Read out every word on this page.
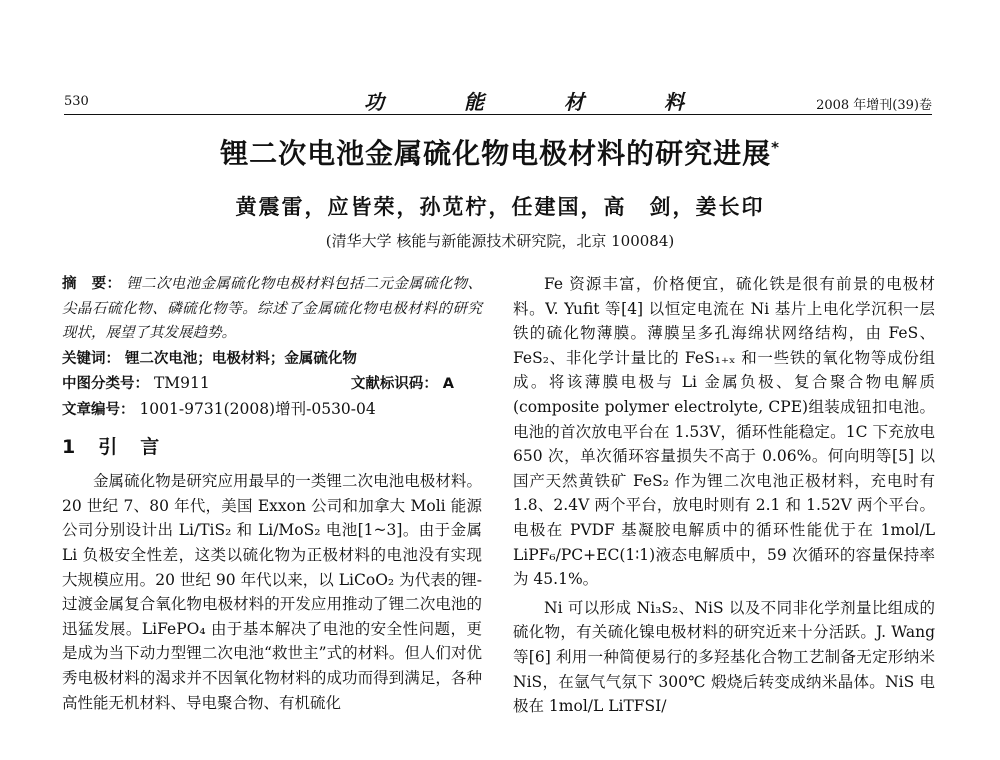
530	功	能	材	料	2008 年增刊(39)卷
锂二次电池金属硫化物电极材料的研究进展*
黄震雷，应皆荣，孙苋柠，任建国，高　剑，姜长印
(清华大学 核能与新能源技术研究院，北京 100084)

摘　要： 锂二次电池金属硫化物电极材料包括二元金属硫化物、尖晶石硫化物、磷硫化物等。综述了金属硫化物电极材料的研究现状，展望了其发展趋势。

关键词： 锂二次电池；电极材料；金属硫化物

中图分类号： TM911	文献标识码： A

文章编号： 1001-9731(2008)增刊-0530-04

1　引　言

金属硫化物是研究应用最早的一类锂二次电池电极材料。20 世纪 7、80 年代，美国 Exxon 公司和加拿大 Moli 能源公司分别设计出 Li/TiS₂ 和 Li/MoS₂ 电池[1~3]。由于金属 Li 负极安全性差，这类以硫化物为正极材料的电池没有实现大规模应用。20 世纪 90 年代以来，以 LiCoO₂ 为代表的锂-过渡金属复合氧化物电极材料的开发应用推动了锂二次电池的迅猛发展。LiFePO₄ 由于基本解决了电池的安全性问题，更是成为当下动力型锂二次电池“救世主”式的材料。但人们对优秀电极材料的渴求并不因氧化物材料的成功而得到满足，各种高性能无机材料、导电聚合物、有机硫化

Fe 资源丰富，价格便宜，硫化铁是很有前景的电极材料。V. Yufit 等[4] 以恒定电流在 Ni 基片上电化学沉积一层铁的硫化物薄膜。薄膜呈多孔海绵状网络结构，由 FeS、FeS₂、非化学计量比的 FeS₁₊ₓ 和一些铁的氧化物等成份组成。将该薄膜电极与 Li 金属负极、复合聚合物电解质(composite polymer electrolyte, CPE)组装成钮扣电池。电池的首次放电平台在 1.53V，循环性能稳定。1C 下充放电 650 次，单次循环容量损失不高于 0.06%。何向明等[5] 以国产天然黄铁矿 FeS₂ 作为锂二次电池正极材料，充电时有 1.8、2.4V 两个平台，放电时则有 2.1 和 1.52V 两个平台。电极在 PVDF 基凝胶电解质中的循环性能优于在 1mol/L LiPF₆/PC+EC(1∶1)液态电解质中，59 次循环的容量保持率为 45.1%。

Ni 可以形成 Ni₃S₂、NiS 以及不同非化学剂量比组成的硫化物，有关硫化镍电极材料的研究近来十分活跃。J. Wang 等[6] 利用一种简便易行的多羟基化合物工艺制备无定形纳米 NiS，在氩气气氛下 300℃ 煅烧后转变成纳米晶体。NiS 电极在 1mol/L LiTFSI/
